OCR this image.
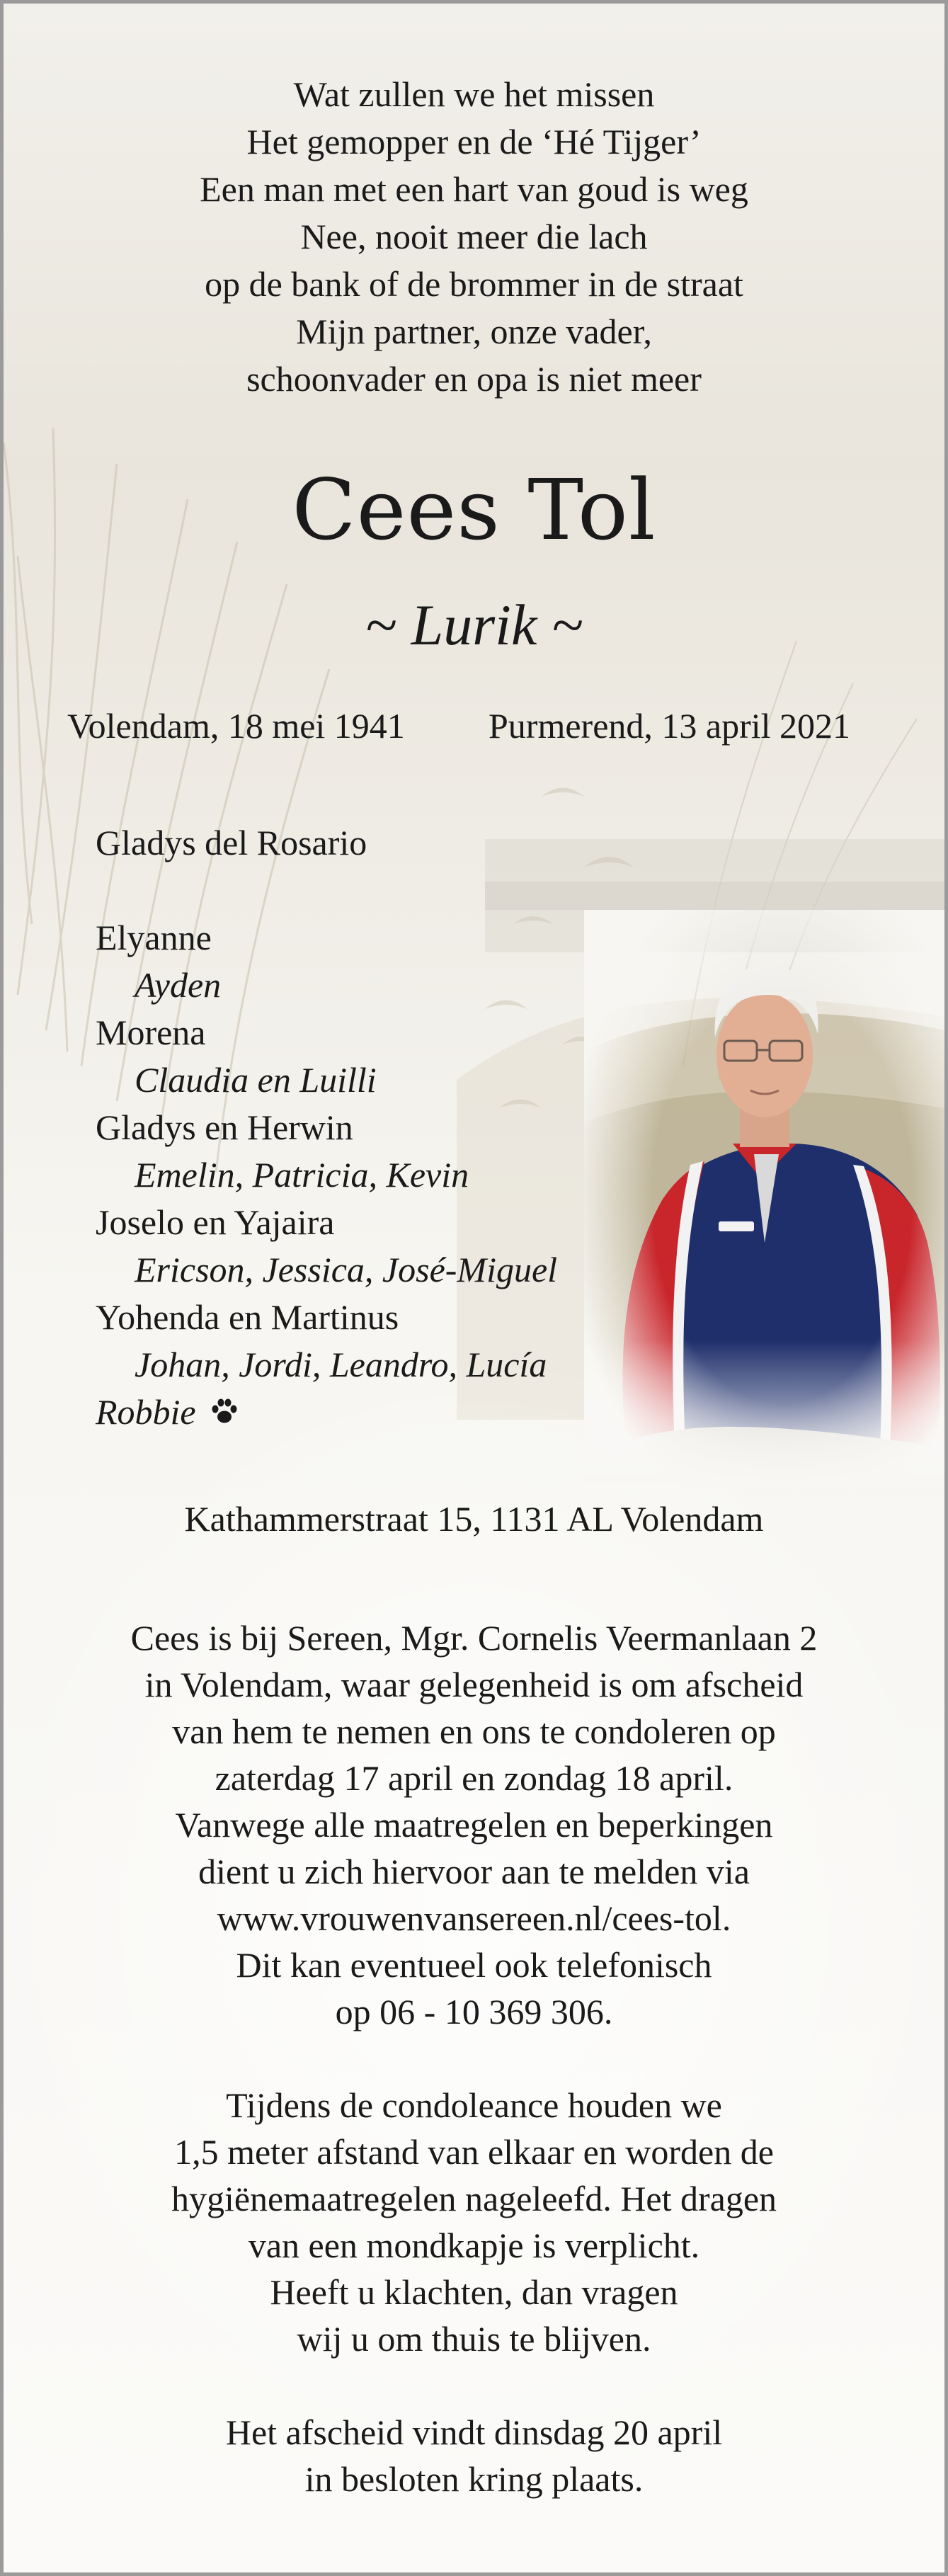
Wat zullen we het missen
Het gemopper en de ‘Hé Tijger’
Een man met een hart van goud is weg
Nee, nooit meer die lach
op de bank of de brommer in de straat
Mijn partner, onze vader,
schoonvader en opa is niet meer
Cees Tol
~ Lurik ~
Volendam, 18 mei 1941 Purmerend, 13 april 2021
Gladys del Rosario
Elyanne
Ayden
Morena
Claudia en Luilli
Gladys en Herwin
Emelin, Patricia, Kevin
Joselo en Yajaira
Ericson, Jessica, José-Miguel
Yohenda en Martinus
Johan, Jordi, Leandro, Lucía
Robbie
Kathammerstraat 15, 1131 AL Volendam
Cees is bij Sereen, Mgr. Cornelis Veermanlaan 2
in Volendam, waar gelegenheid is om afscheid
van hem te nemen en ons te condoleren op
zaterdag 17 april en zondag 18 april.
Vanwege alle maatregelen en beperkingen
dient u zich hiervoor aan te melden via
www.vrouwenvansereen.nl/cees-tol.
Dit kan eventueel ook telefonisch
op 06 - 10 369 306.
Tijdens de condoleance houden we
1,5 meter afstand van elkaar en worden de
hygiënemaatregelen nageleefd. Het dragen
van een mondkapje is verplicht.
Heeft u klachten, dan vragen
wij u om thuis te blijven.
Het afscheid vindt dinsdag 20 april
in besloten kring plaats.
